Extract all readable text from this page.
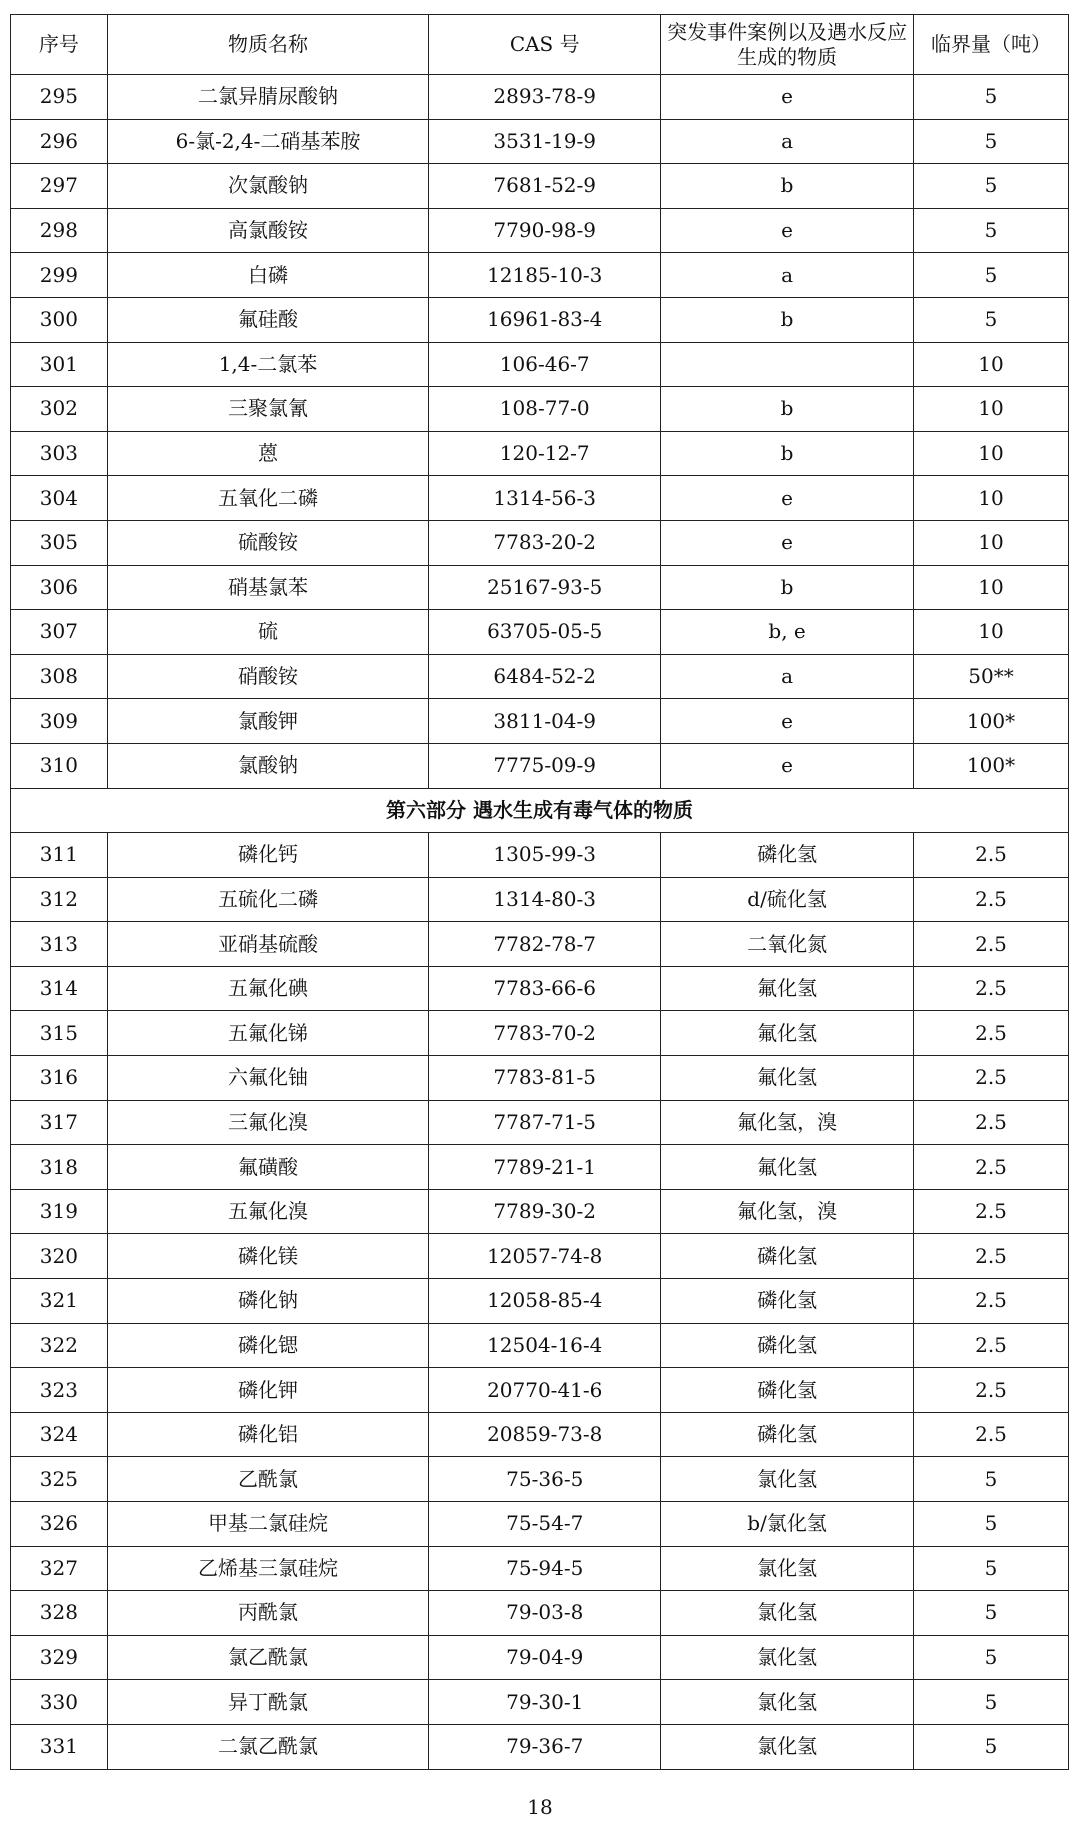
序号	物质名称	CAS 号	突发事件案例以及遇水反应生成的物质	临界量（吨）
295	二氯异腈尿酸钠	2893-78-9	e	5
296	6-氯-2,4-二硝基苯胺	3531-19-9	a	5
297	次氯酸钠	7681-52-9	b	5
298	高氯酸铵	7790-98-9	e	5
299	白磷	12185-10-3	a	5
300	氟硅酸	16961-83-4	b	5
301	1,4-二氯苯	106-46-7		10
302	三聚氯氰	108-77-0	b	10
303	蒽	120-12-7	b	10
304	五氧化二磷	1314-56-3	e	10
305	硫酸铵	7783-20-2	e	10
306	硝基氯苯	25167-93-5	b	10
307	硫	63705-05-5	b, e	10
308	硝酸铵	6484-52-2	a	50**
309	氯酸钾	3811-04-9	e	100*
310	氯酸钠	7775-09-9	e	100*
第六部分 遇水生成有毒气体的物质				
311	磷化钙	1305-99-3	磷化氢	2.5
312	五硫化二磷	1314-80-3	d/硫化氢	2.5
313	亚硝基硫酸	7782-78-7	二氧化氮	2.5
314	五氟化碘	7783-66-6	氟化氢	2.5
315	五氟化锑	7783-70-2	氟化氢	2.5
316	六氟化铀	7783-81-5	氟化氢	2.5
317	三氟化溴	7787-71-5	氟化氢，溴	2.5
318	氟磺酸	7789-21-1	氟化氢	2.5
319	五氟化溴	7789-30-2	氟化氢，溴	2.5
320	磷化镁	12057-74-8	磷化氢	2.5
321	磷化钠	12058-85-4	磷化氢	2.5
322	磷化锶	12504-16-4	磷化氢	2.5
323	磷化钾	20770-41-6	磷化氢	2.5
324	磷化铝	20859-73-8	磷化氢	2.5
325	乙酰氯	75-36-5	氯化氢	5
326	甲基二氯硅烷	75-54-7	b/氯化氢	5
327	乙烯基三氯硅烷	75-94-5	氯化氢	5
328	丙酰氯	79-03-8	氯化氢	5
329	氯乙酰氯	79-04-9	氯化氢	5
330	异丁酰氯	79-30-1	氯化氢	5
331	二氯乙酰氯	79-36-7	氯化氢	5
18
